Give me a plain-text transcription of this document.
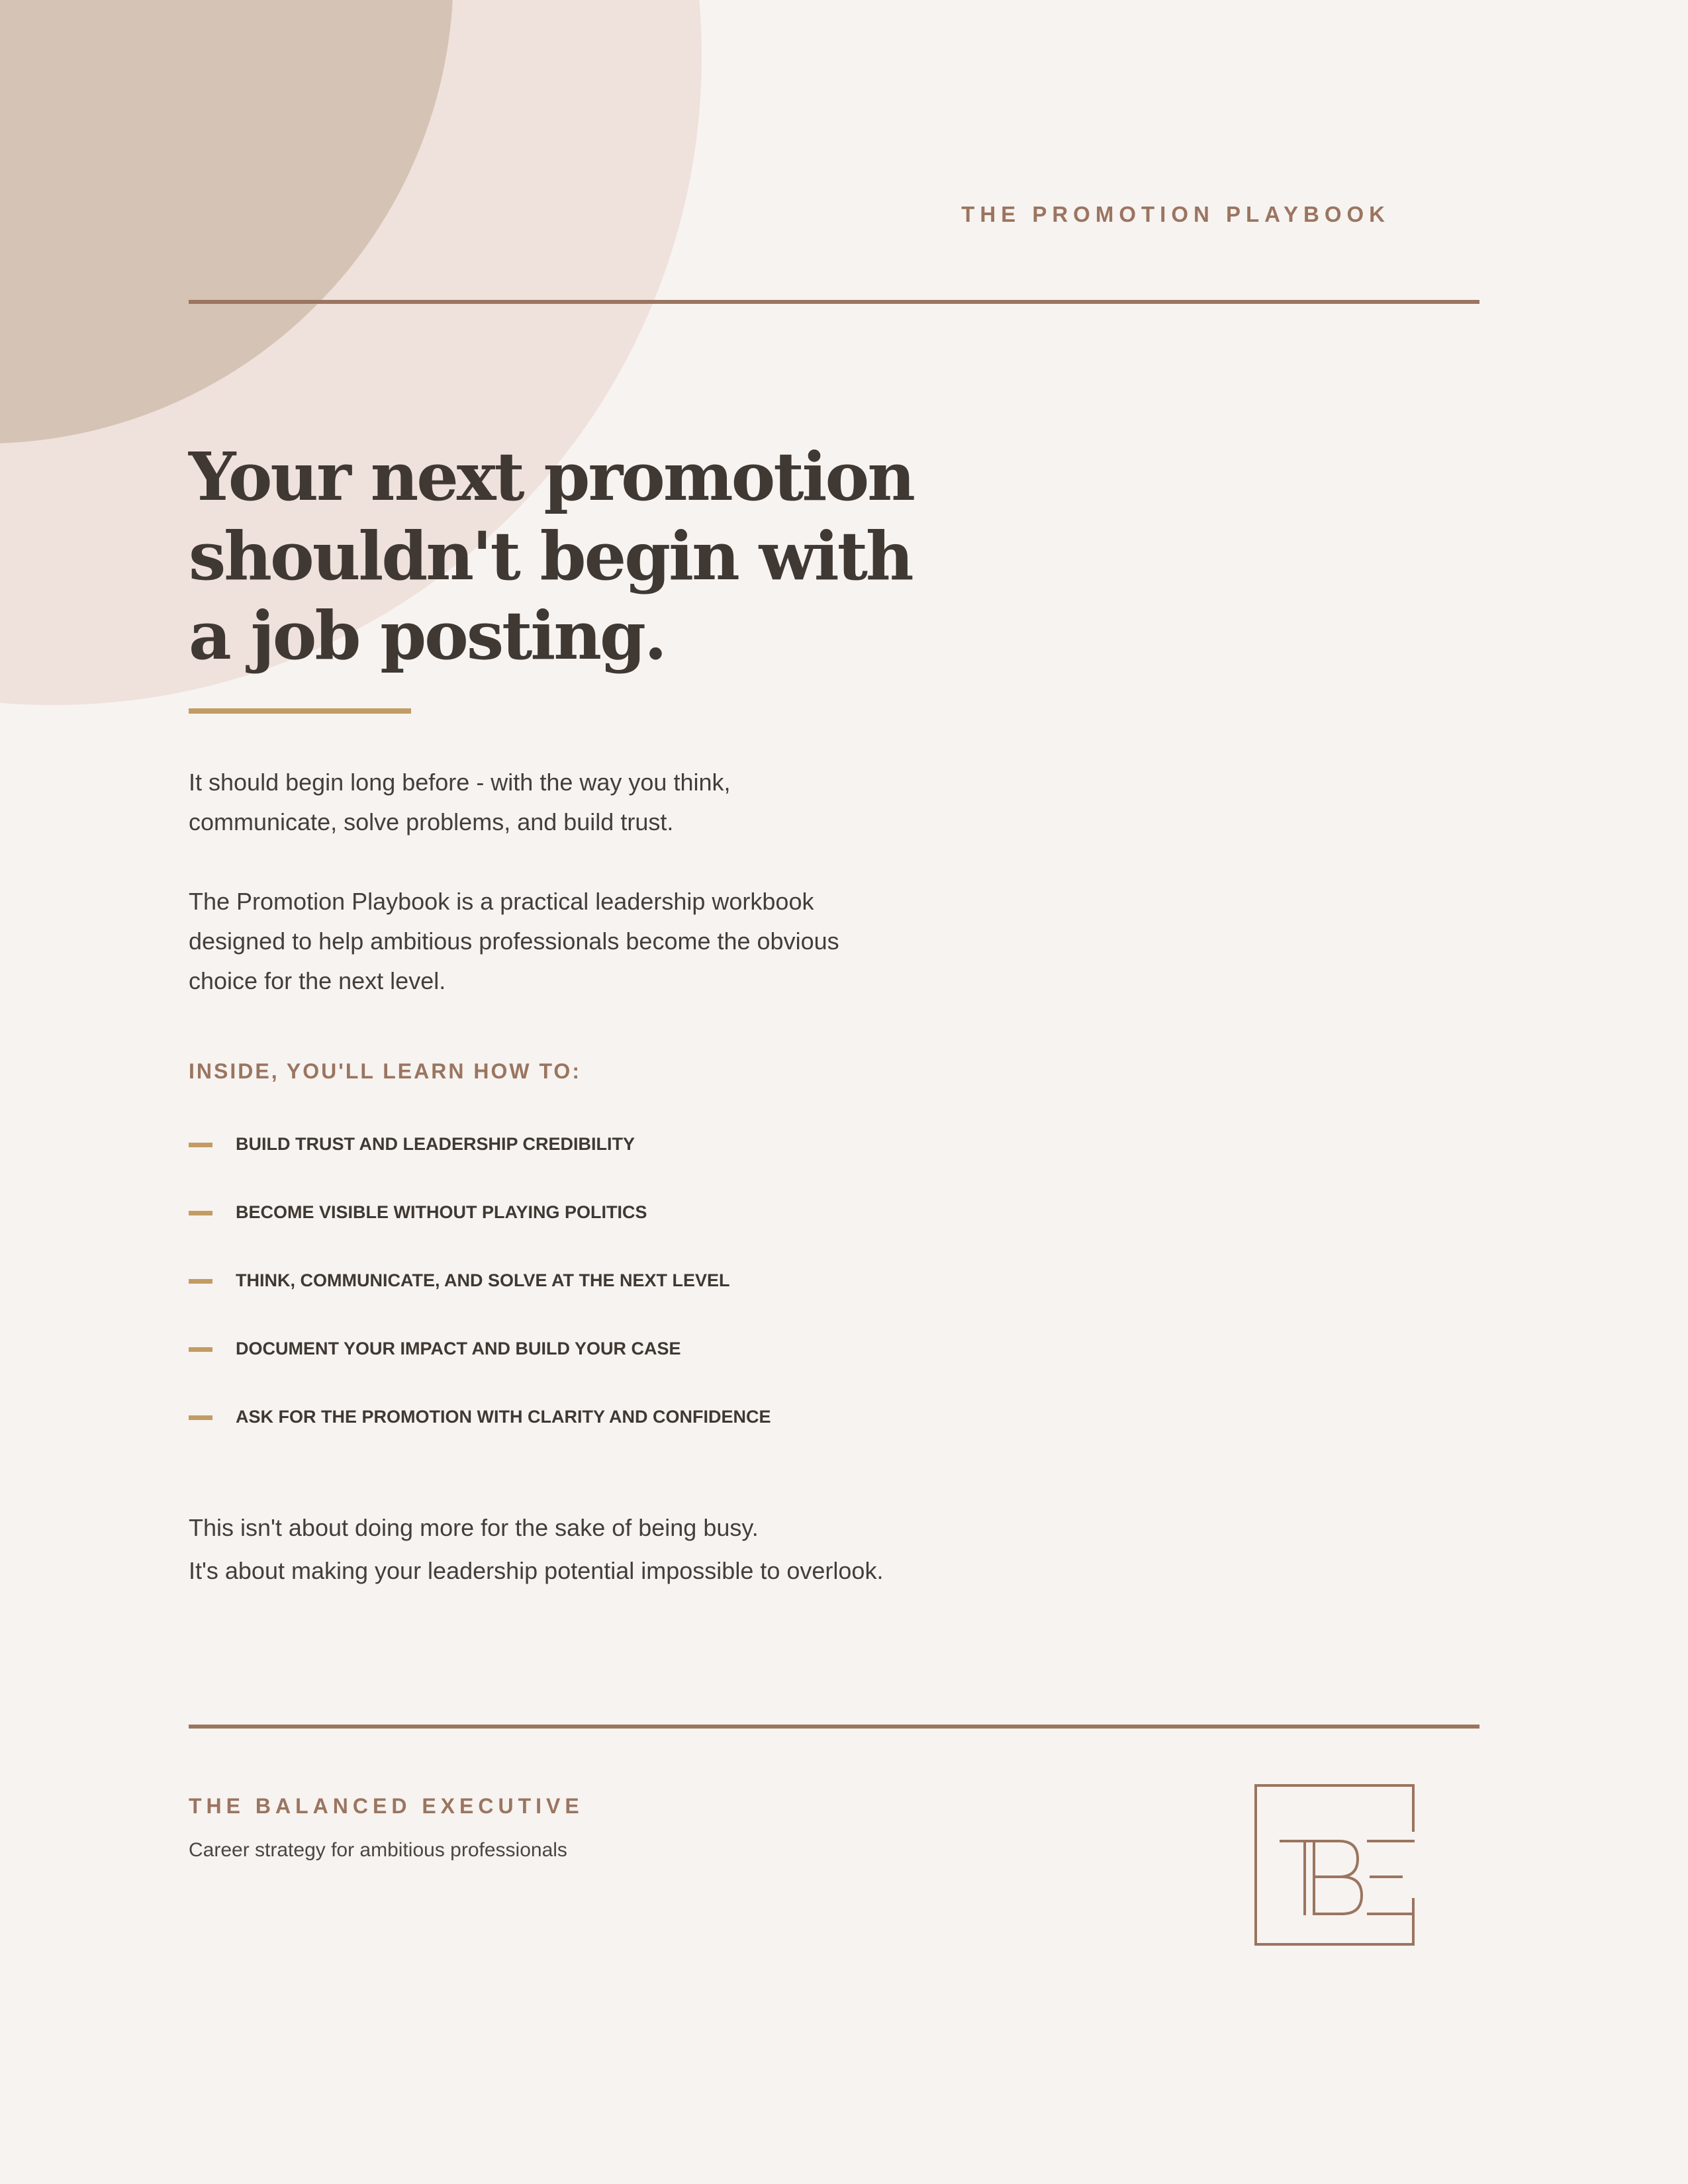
THE PROMOTION PLAYBOOK
Your next promotion
shouldn't begin with
a job posting.

It should begin long before - with the way you think,
communicate, solve problems, and build trust.

The Promotion Playbook is a practical leadership workbook
designed to help ambitious professionals become the obvious
choice for the next level.

INSIDE, YOU'LL LEARN HOW TO:
BUILD TRUST AND LEADERSHIP CREDIBILITY
BECOME VISIBLE WITHOUT PLAYING POLITICS
THINK, COMMUNICATE, AND SOLVE AT THE NEXT LEVEL
DOCUMENT YOUR IMPACT AND BUILD YOUR CASE
ASK FOR THE PROMOTION WITH CLARITY AND CONFIDENCE

This isn't about doing more for the sake of being busy.
It's about making your leadership potential impossible to overlook.

THE BALANCED EXECUTIVE
Career strategy for ambitious professionals
